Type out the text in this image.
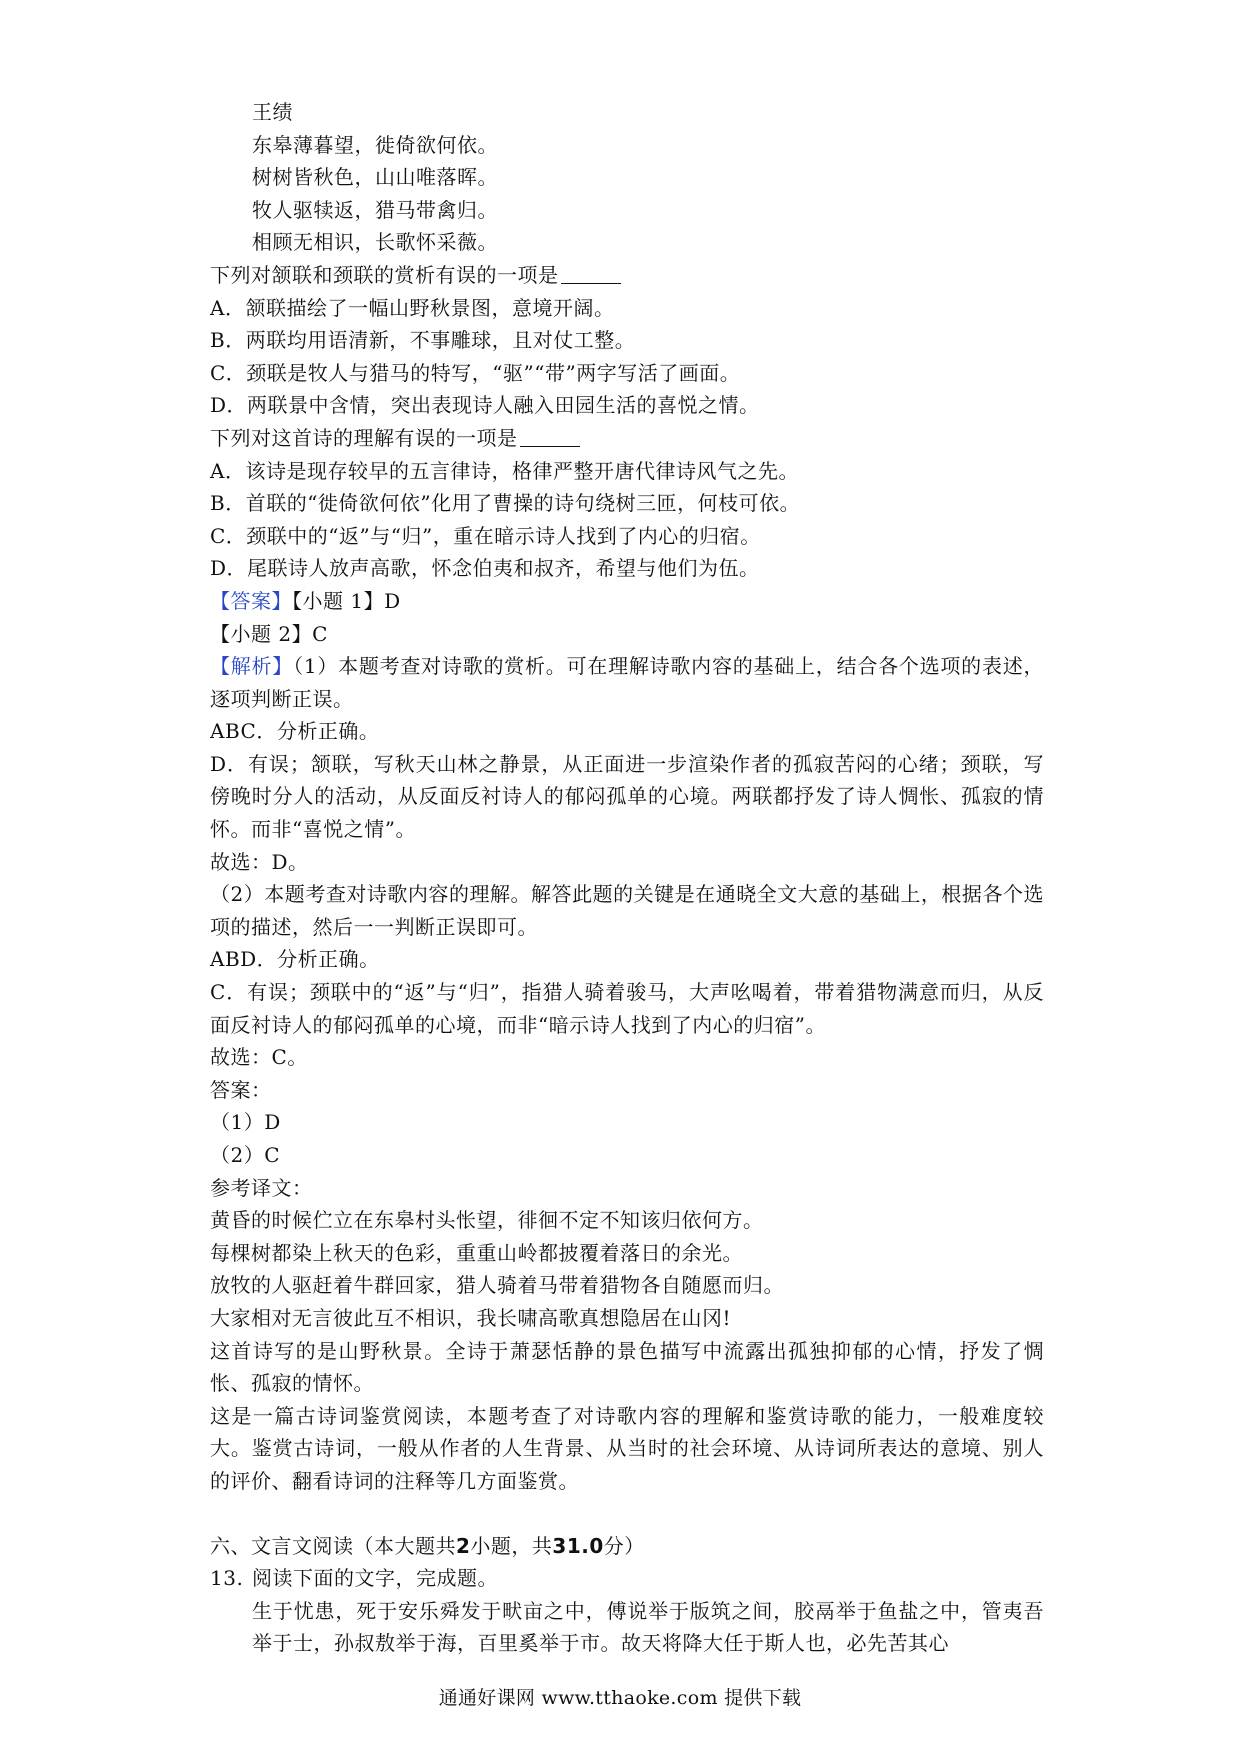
王绩
东皋薄暮望，徙倚欲何依。
树树皆秋色，山山唯落晖。
牧人驱犊返，猎马带禽归。
相顾无相识，长歌怀采薇。
下列对颔联和颈联的赏析有误的一项是
A．颔联描绘了一幅山野秋景图，意境开阔。
B．两联均用语清新，不事雕球，且对仗工整。
C．颈联是牧人与猎马的特写，“驱”“带”两字写活了画面。
D．两联景中含情，突出表现诗人融入田园生活的喜悦之情。
下列对这首诗的理解有误的一项是
A．该诗是现存较早的五言律诗，格律严整开唐代律诗风气之先。
B．首联的“徙倚欲何依”化用了曹操的诗句绕树三匝，何枝可依。
C．颈联中的“返”与“归”，重在暗示诗人找到了内心的归宿。
D．尾联诗人放声高歌，怀念伯夷和叔齐，希望与他们为伍。
【答案】【小题 1】D
【小题 2】C
【解析】（1）本题考查对诗歌的赏析。可在理解诗歌内容的基础上，结合各个选项的表述，逐项判断正误。
ABC．分析正确。
D．有误；颔联，写秋天山林之静景，从正面进一步渲染作者的孤寂苦闷的心绪；颈联，写傍晚时分人的活动，从反面反衬诗人的郁闷孤单的心境。两联都抒发了诗人惆怅、孤寂的情怀。而非“喜悦之情”。
故选：D。
（2）本题考查对诗歌内容的理解。解答此题的关键是在通晓全文大意的基础上，根据各个选项的描述，然后一一判断正误即可。
ABD．分析正确。
C．有误；颈联中的“返”与“归”，指猎人骑着骏马，大声吆喝着，带着猎物满意而归，从反面反衬诗人的郁闷孤单的心境，而非“暗示诗人找到了内心的归宿”。
故选：C。
答案：
（1）D
（2）C
参考译文：
黄昏的时候伫立在东皋村头怅望，徘徊不定不知该归依何方。
每棵树都染上秋天的色彩，重重山岭都披覆着落日的余光。
放牧的人驱赶着牛群回家，猎人骑着马带着猎物各自随愿而归。
大家相对无言彼此互不相识，我长啸高歌真想隐居在山冈!
这首诗写的是山野秋景。全诗于萧瑟恬静的景色描写中流露出孤独抑郁的心情，抒发了惆怅、孤寂的情怀。
这是一篇古诗词鉴赏阅读，本题考查了对诗歌内容的理解和鉴赏诗歌的能力，一般难度较大。鉴赏古诗词，一般从作者的人生背景、从当时的社会环境、从诗词所表达的意境、别人的评价、翻看诗词的注释等几方面鉴赏。
六、文言文阅读（本大题共2小题，共31.0分）
13. 阅读下面的文字，完成题。
生于忧患，死于安乐舜发于畎亩之中，傅说举于版筑之间，胶鬲举于鱼盐之中，管夷吾举于士，孙叔敖举于海，百里奚举于市。故天将降大任于斯人也，必先苦其心
通通好课网 www.tthaoke.com 提供下载
